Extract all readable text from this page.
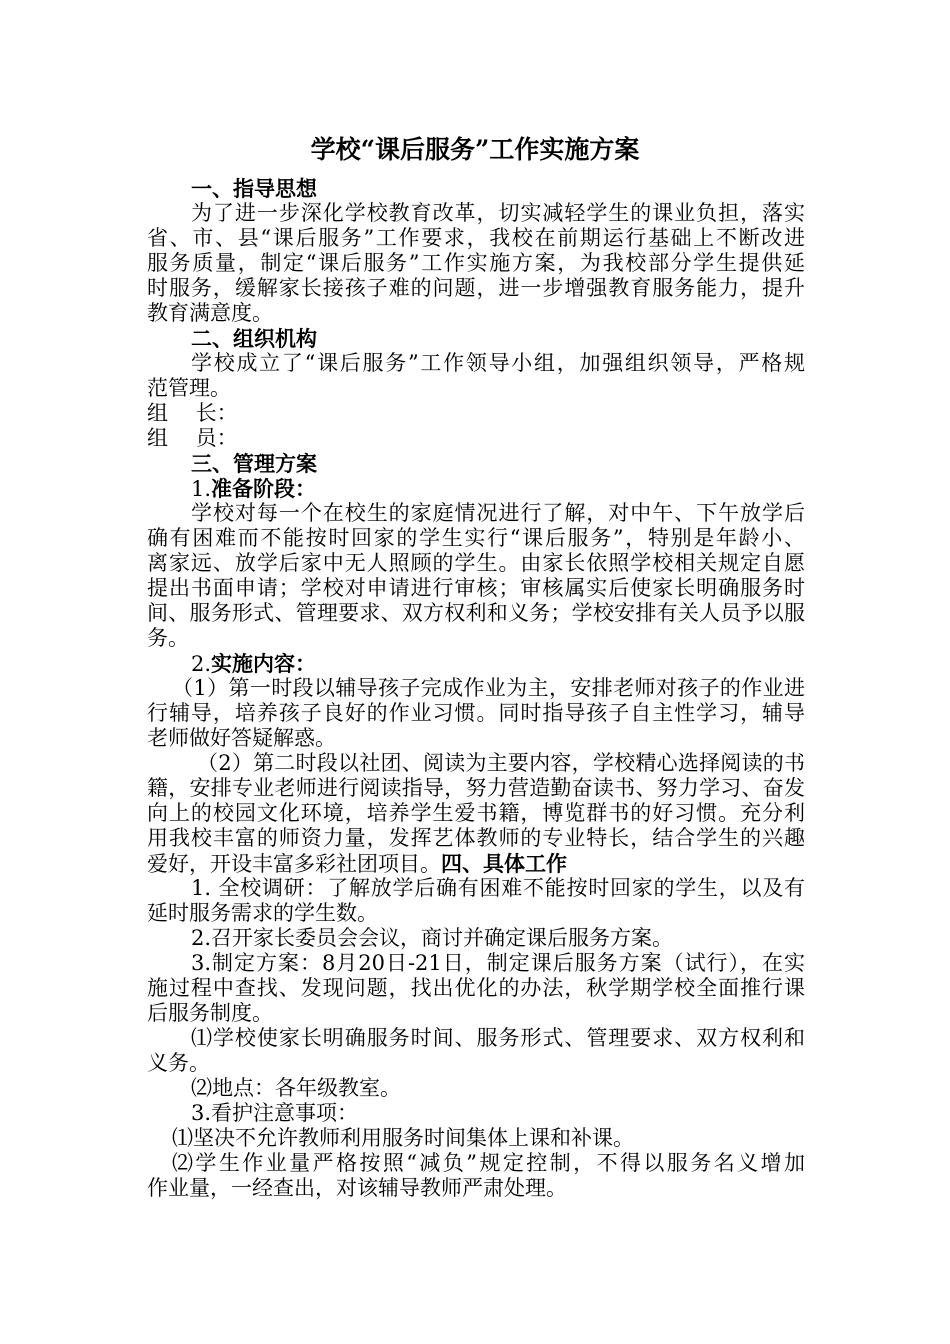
学校“课后服务”工作实施方案
一、指导思想
为了进一步深化学校教育改革，切实减轻学生的课业负担，落实
省、市、县“课后服务”工作要求，我校在前期运行基础上不断改进
服务质量，制定“课后服务”工作实施方案，为我校部分学生提供延
时服务，缓解家长接孩子难的问题，进一步增强教育服务能力，提升
教育满意度。
二、组织机构
学校成立了“课后服务”工作领导小组，加强组织领导，严格规
范管理。
组　 长：
组　 员：
三、管理方案
1.准备阶段：
学校对每一个在校生的家庭情况进行了解，对中午、下午放学后
确有困难而不能按时回家的学生实行“课后服务”，特别是年龄小、
离家远、放学后家中无人照顾的学生。由家长依照学校相关规定自愿
提出书面申请；学校对申请进行审核；审核属实后使家长明确服务时
间、服务形式、管理要求、双方权利和义务；学校安排有关人员予以服
务。
2.实施内容：
（1）第一时段以辅导孩子完成作业为主，安排老师对孩子的作业进
行辅导，培养孩子良好的作业习惯。同时指导孩子自主性学习，辅导
老师做好答疑解惑。
（2）第二时段以社团、阅读为主要内容，学校精心选择阅读的书
籍，安排专业老师进行阅读指导，努力营造勤奋读书、努力学习、奋发
向上的校园文化环境，培养学生爱书籍，博览群书的好习惯。充分利
用我校丰富的师资力量，发挥艺体教师的专业特长，结合学生的兴趣
爱好，开设丰富多彩社团项目。四、具体工作
1. 全校调研：了解放学后确有困难不能按时回家的学生，以及有
延时服务需求的学生数。
2.召开家长委员会会议，商讨并确定课后服务方案。
3.制定方案：8月20日-21日，制定课后服务方案（试行），在实
施过程中查找、发现问题，找出优化的办法，秋学期学校全面推行课
后服务制度。
⑴学校使家长明确服务时间、服务形式、管理要求、双方权利和
义务。
⑵地点：各年级教室。
3.看护注意事项：
⑴坚决不允许教师利用服务时间集体上课和补课。
⑵学生作业量严格按照“减负”规定控制，不得以服务名义增加
作业量，一经查出，对该辅导教师严肃处理。
